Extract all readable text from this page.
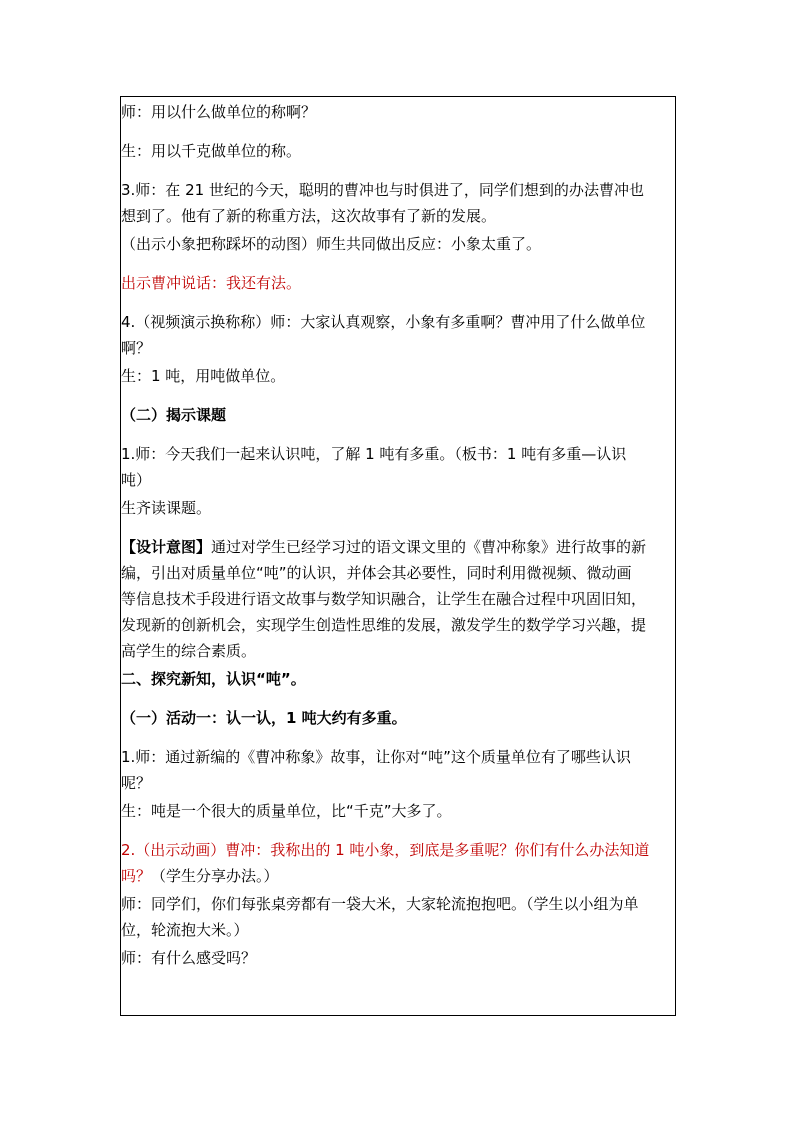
师：用以什么做单位的称啊？
生：用以千克做单位的称。
3.师：在 21 世纪的今天，聪明的曹冲也与时俱进了，同学们想到的办法曹冲也
想到了。他有了新的称重方法，这次故事有了新的发展。
（出示小象把称踩坏的动图）师生共同做出反应：小象太重了。
出示曹冲说话：我还有法。
4.（视频演示换称称）师：大家认真观察，小象有多重啊？曹冲用了什么做单位
啊？
生：1 吨，用吨做单位。
（二）揭示课题
1.师：今天我们一起来认识吨，了解 1 吨有多重。（板书：1 吨有多重—认识
吨）
生齐读课题。
【设计意图】通过对学生已经学习过的语文课文里的《曹冲称象》进行故事的新
编，引出对质量单位“吨”的认识，并体会其必要性，同时利用微视频、微动画
等信息技术手段进行语文故事与数学知识融合，让学生在融合过程中巩固旧知，
发现新的创新机会，实现学生创造性思维的发展，激发学生的数学学习兴趣，提
高学生的综合素质。
二、探究新知，认识“吨”。
（一）活动一：认一认，1 吨大约有多重。
1.师：通过新编的《曹冲称象》故事，让你对“吨”这个质量单位有了哪些认识
呢？
生：吨是一个很大的质量单位，比“千克”大多了。
2.（出示动画）曹冲：我称出的 1 吨小象，到底是多重呢？你们有什么办法知道
吗？（学生分享办法。）
师：同学们，你们每张桌旁都有一袋大米，大家轮流抱抱吧。（学生以小组为单
位，轮流抱大米。）
师：有什么感受吗？
